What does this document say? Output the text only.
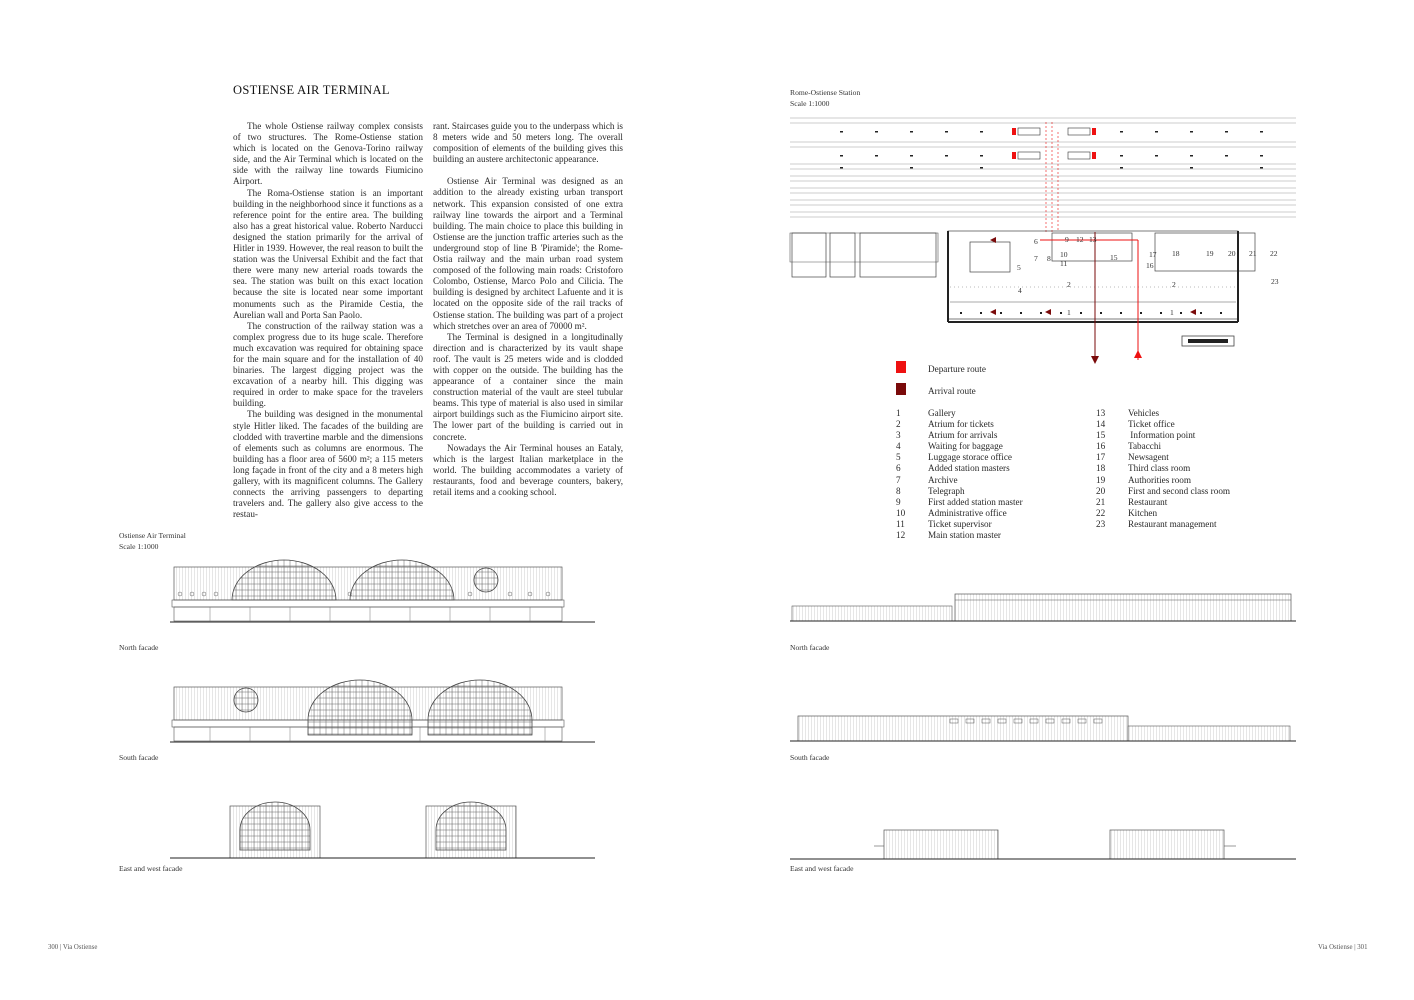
OSTIENSE AIR TERMINAL

The whole Ostiense railway complex consists of two structures. The Rome-Ostiense station which is located on the Genova-Torino railway side, and the Air Terminal which is located on the side with the railway line towards Fiumicino Airport.

The Roma-Ostiense station is an important building in the neighborhood since it functions as a reference point for the entire area. The building also has a great historical value. Roberto Narducci designed the station primarily for the arrival of Hitler in 1939. However, the real reason to built the station was the Universal Exhibit and the fact that there were many new arterial roads towards the sea. The station was built on this exact location because the site is located near some important monuments such as the Piramide Cestia, the Aurelian wall and Porta San Paolo.

The construction of the railway station was a complex progress due to its huge scale. Therefore much excavation was required for obtaining space for the main square and for the installation of 40 binaries. The largest digging project was the excavation of a nearby hill. This digging was required in order to make space for the travelers building.

The building was designed in the monumental style Hitler liked. The facades of the building are clodded with travertine marble and the dimensions of elements such as columns are enormous. The building has a floor area of 5600 m²; a 115 meters long façade in front of the city and a 8 meters high gallery, with its magnificent columns. The Gallery connects the arriving passengers to departing travelers and. The gallery also give access to the restau-

rant. Staircases guide you to the underpass which is 8 meters wide and 50 meters long. The overall composition of elements of the building gives this building an austere architectonic appearance.

Ostiense Air Terminal was designed as an addition to the already existing urban transport network. This expansion consisted of one extra railway line towards the airport and a Terminal building. The main choice to place this building in Ostiense are the junction traffic arteries such as the underground stop of line B 'Piramide'; the Rome-Ostia railway and the main urban road system composed of the following main roads: Cristoforo Colombo, Ostiense, Marco Polo and Cilicia. The building is designed by architect Lafuente and it is located on the opposite side of the rail tracks of Ostiense station. The building was part of a project which stretches over an area of 70000 m².

The Terminal is designed in a longitudinally direction and is characterized by its vault shape roof. The vault is 25 meters wide and is clodded with copper on the outside. The building has the appearance of a container since the main construction material of the vault are steel tubular beams. This type of material is also used in similar airport buildings such as the Fiumicino airport site. The lower part of the building is carried out in concrete.

Nowadays the Air Terminal houses an Eataly, which is the largest Italian marketplace in the world. The building accommodates a variety of restaurants, food and beverage counters, bakery, retail items and a cooking school.

Ostiense Air Terminal
Scale 1:1000
North facade
South facade
East and west facade
300 | Via Ostiense
Rome-Ostiense Station
Scale 1:1000
1	1
2	2
4
5
6
7 8
9
10
11
12 13
15
16
17 18	19 20 21 22
23
Departure route
Arrival route
1	Gallery
2	Atrium for tickets
3	Atrium for arrivals
4	Waiting for baggage
5	Luggage storace office
6	Added station masters
7	Archive
8	Telegraph
9	First added station master
10	Administrative office
11	Ticket supervisor
12	Main station master
13	Vehicles
14	Ticket office
15	Information point
16	Tabacchi
17	Newsagent
18	Third class room
19	Authorities room
20	First and second class room
21	Restaurant
22	Kitchen
23	Restaurant management
North facade
South facade
East and west facade
Via Ostiense | 301
